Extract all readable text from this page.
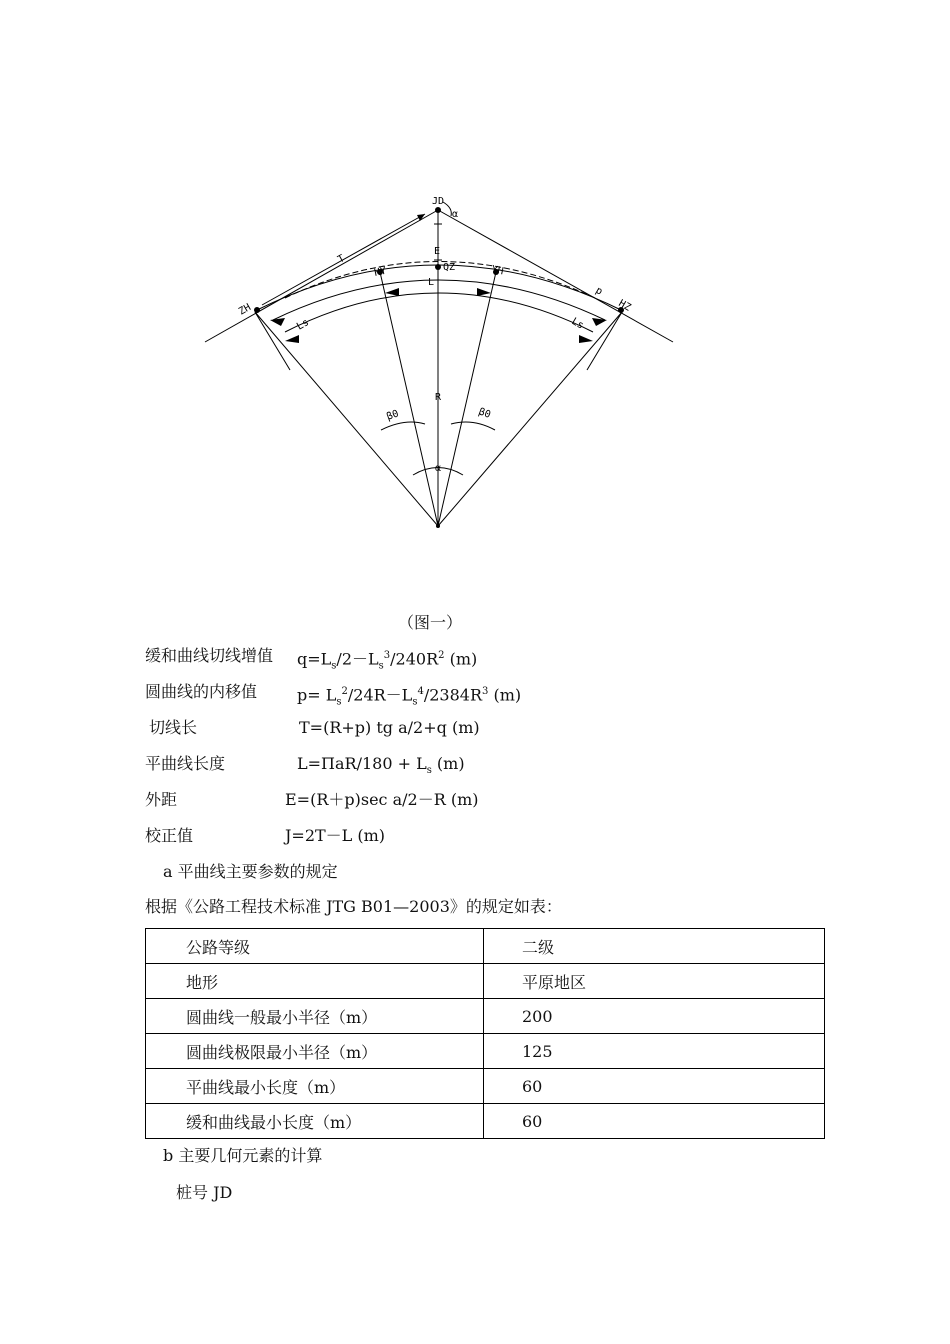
JD
α
E
QZ
T
HY	YH
ZH	HZ
L
Ls	Ls
p
R
β0	β0
α
（图一）
缓和曲线切线增值 $q=L_s/2-L_s^3/240R^2$ (m)
圆曲线的内移值 $p= L_s^2/24R-L_s^4/2384R^3$ (m)
切线长	T=(R+p) tg a/2+q (m)
平曲线长度	$L=\Pi aR/180 + L_s$ (m)
外距	E=(R＋p)sec a/2－R (m)
校正值	J=2T－L (m)
a 平曲线主要参数的规定
根据《公路工程技术标准 JTG B01—2003》的规定如表：
公路等级	二级
地形	平原地区
圆曲线一般最小半径（m）	200
圆曲线极限最小半径（m）	125
平曲线最小长度（m）	60
缓和曲线最小长度（m）	60
b 主要几何元素的计算
桩号 JD
